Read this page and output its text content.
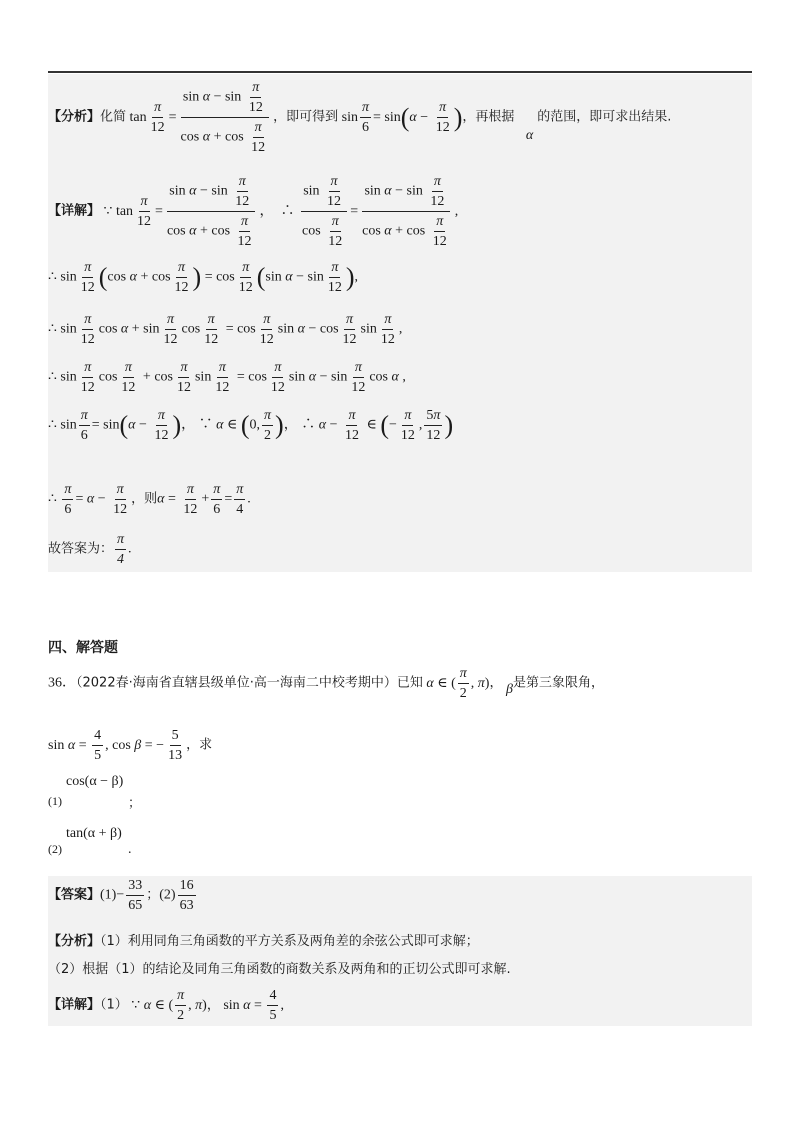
【分析】化简 $\tan \frac{\pi}{12} = \frac{\sin \alpha - \sin \frac{\pi}{12}}{\cos \alpha + \cos \frac{\pi}{12}}$ ，即可得到 $\sin \frac{\pi}{6} = \sin(\alpha - \frac{\pi}{12}$ )，再根据 α的范围，即可求出结果.
【详解】 ∵ $\tan \frac{\pi}{12} = \frac{\sin \alpha - \sin \frac{\pi}{12}}{\cos \alpha + \cos \frac{\pi}{12}}$ ，  ∴ $\frac{\sin \frac{\pi}{12}}{\cos \frac{\pi}{12}} = \frac{\sin \alpha - \sin \frac{\pi}{12}}{\cos \alpha + \cos \frac{\pi}{12}}$ ,
∴ $\sin \frac{\pi}{12} (\cos$ $\alpha + \cos \frac{\pi}{12}$ ) = $\cos \frac{\pi}{12} (\sin$ $\alpha - \sin \frac{\pi}{12}$ ),
∴ $\sin \frac{\pi}{12}$ $\cos \alpha + \sin \frac{\pi}{12}$ $\cos \frac{\pi}{12} = \cos \frac{\pi}{12}$ $\sin \alpha - \cos \frac{\pi}{12}$ $\sin \frac{\pi}{12}$ ,
∴ $\sin \frac{\pi}{12}$ $\cos \frac{\pi}{12} + \cos \frac{\pi}{12}$ $\sin \frac{\pi}{12} = \cos \frac{\pi}{12}$ $\sin \alpha - \sin \frac{\pi}{12}$ cos α ,
∴ $\sin \frac{\pi}{6} = \sin(\alpha - \frac{\pi}{12}$ )， ∵ α ∈ (0, $\frac{\pi}{2}$ )， ∴ $\alpha - \frac{\pi}{12}$ ∈ (− $\frac{\pi}{12}$ , $\frac{5\pi}{12}$ )
∴ $\frac{\pi}{6} = \alpha - \frac{\pi}{12}$ ，则$\alpha = \frac{\pi}{12} + \frac{\pi}{6} = \frac{\pi}{4}$ .
故答案为： $\frac{\pi}{4}$ .
四、解答题
36．（2022春·海南省直辖县级单位·高一海南二中校考期中）已知 α ∈ ( $\frac{\pi}{2}$ , π)， β是第三象限角，
$\sin \alpha = \frac{4}{5}$ , cos β = − $\frac{5}{13}$ ，求
(1)
cos(α − β)
；
(2)
tan(α + β)
.
【答案】$(1)- \frac{33}{65}$ ；$(2) \frac{16}{63}$
【分析】（1）利用同角三角函数的平方关系及两角差的余弦公式即可求解；
（2）根据（1）的结论及同角三角函数的商数关系及两角和的正切公式即可求解.
【详解】（1） ∵ α ∈ ( $\frac{\pi}{2}$ , π)， $\sin \alpha = \frac{4}{5}$ ,
